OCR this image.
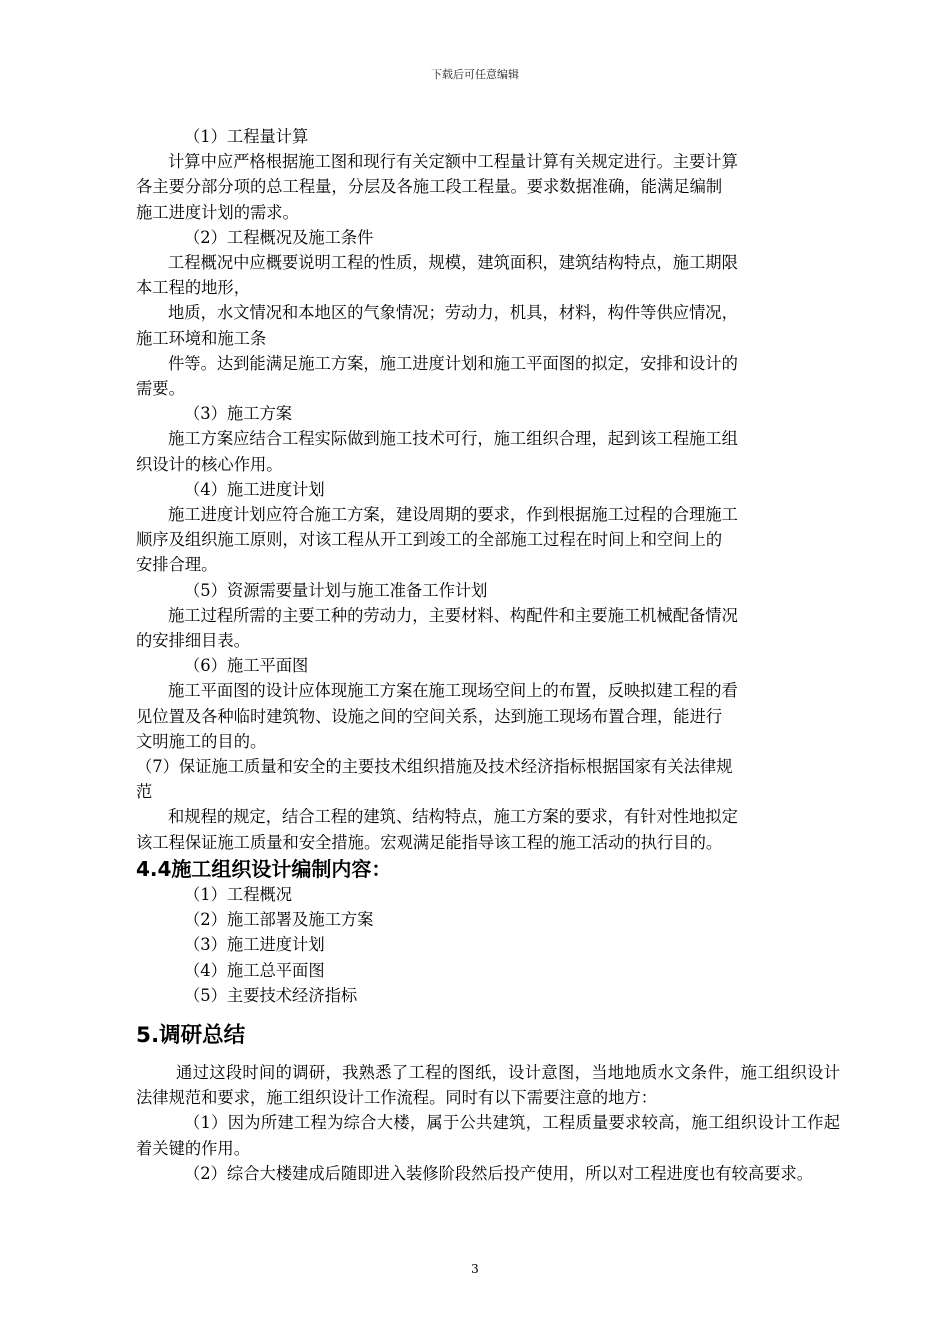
下载后可任意编辑
（1）工程量计算
计算中应严格根据施工图和现行有关定额中工程量计算有关规定进行。主要计算
各主要分部分项的总工程量，分层及各施工段工程量。要求数据准确，能满足编制
施工进度计划的需求。
（2）工程概况及施工条件
工程概况中应概要说明工程的性质，规模，建筑面积，建筑结构特点，施工期限
本工程的地形，
地质，水文情况和本地区的气象情况；劳动力，机具，材料，构件等供应情况，
施工环境和施工条
件等。达到能满足施工方案，施工进度计划和施工平面图的拟定，安排和设计的
需要。
（3）施工方案
施工方案应结合工程实际做到施工技术可行，施工组织合理，起到该工程施工组
织设计的核心作用。
（4）施工进度计划
施工进度计划应符合施工方案，建设周期的要求，作到根据施工过程的合理施工
顺序及组织施工原则，对该工程从开工到竣工的全部施工过程在时间上和空间上的
安排合理。
（5）资源需要量计划与施工准备工作计划
施工过程所需的主要工种的劳动力，主要材料、构配件和主要施工机械配备情况
的安排细目表。
（6）施工平面图
施工平面图的设计应体现施工方案在施工现场空间上的布置，反映拟建工程的看
见位置及各种临时建筑物、设施之间的空间关系，达到施工现场布置合理，能进行
文明施工的目的。
（7）保证施工质量和安全的主要技术组织措施及技术经济指标根据国家有关法律规
范
和规程的规定，结合工程的建筑、结构特点，施工方案的要求，有针对性地拟定
该工程保证施工质量和安全措施。宏观满足能指导该工程的施工活动的执行目的。
4.4施工组织设计编制内容：
（1）工程概况
（2）施工部署及施工方案
（3）施工进度计划
（4）施工总平面图
（5）主要技术经济指标
5.调研总结
通过这段时间的调研，我熟悉了工程的图纸，设计意图，当地地质水文条件，施工组织设计法律规范和要求，施工组织设计工作流程。同时有以下需要注意的地方：
（1）因为所建工程为综合大楼，属于公共建筑，工程质量要求较高，施工组织设计工作起着关键的作用。
（2）综合大楼建成后随即进入装修阶段然后投产使用，所以对工程进度也有较高要求。
3
